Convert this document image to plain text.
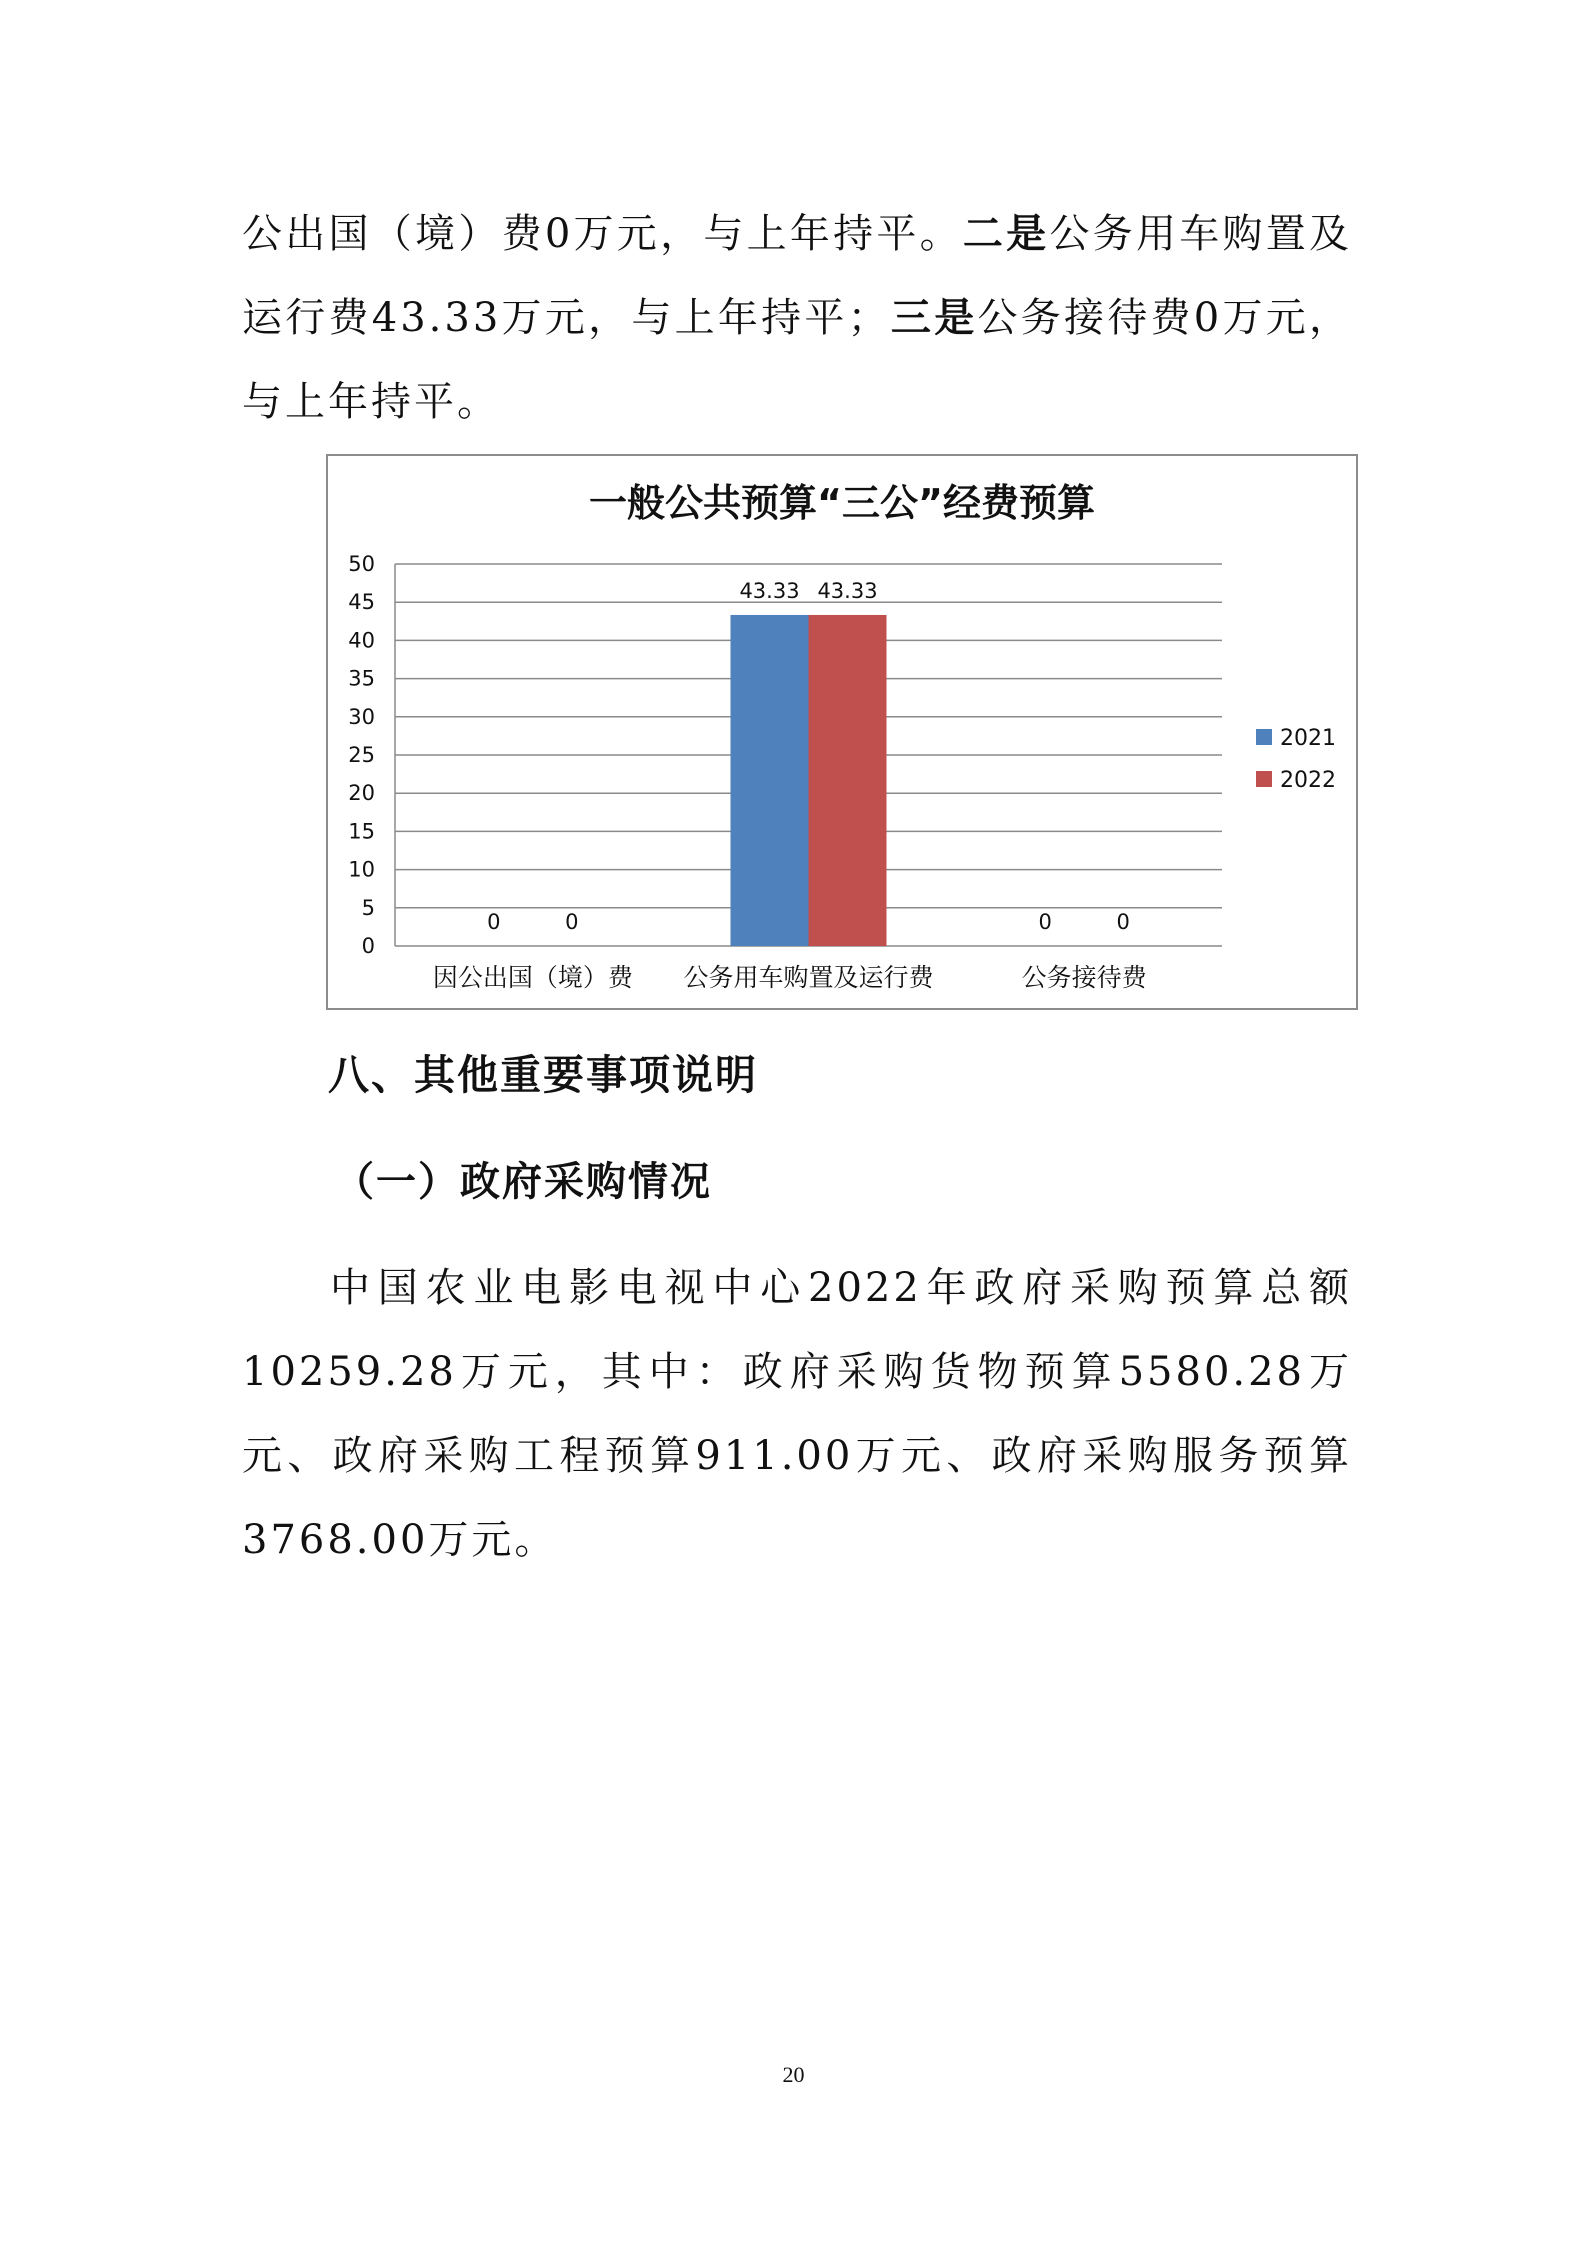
公出国（境）费0万元，与上年持平。二是公务用车购置及运行费43.33万元，与上年持平；三是公务接待费0万元，与上年持平。

一般公共预算“三公”经费预算
0
5
10
15
20
25
30
35
40
45
50
因公出国（境）费
0	0
公务用车购置及运行费
43.33 43.33
公务接待费
0	0
2021
2022
八、其他重要事项说明
（一）政府采购情况

中国农业电影电视中心2022年政府采购预算总额10259.28万元，其中：政府采购货物预算5580.28万元、政府采购工程预算911.00万元、政府采购服务预算3768.00万元。

20
